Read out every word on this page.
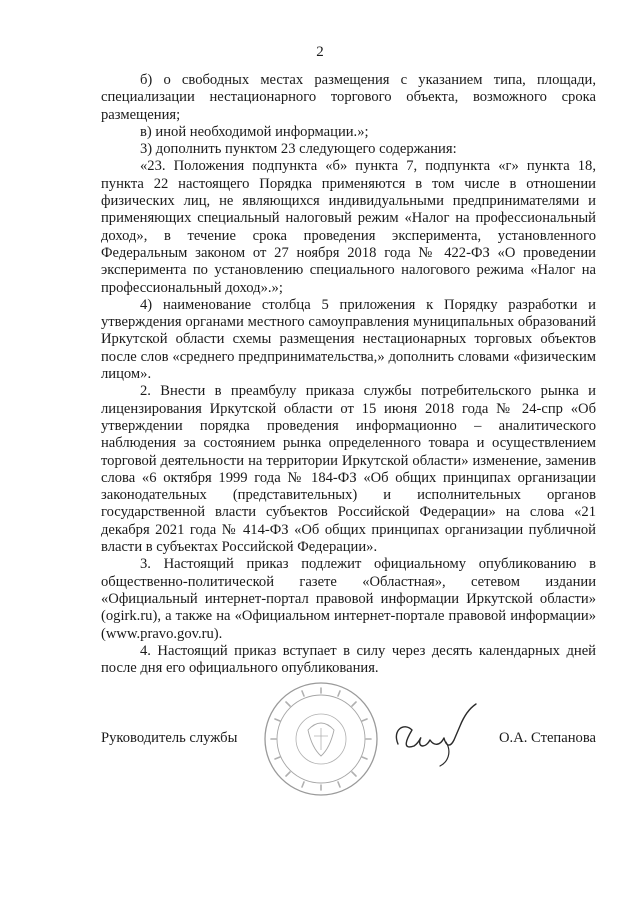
2

б) о свободных местах размещения с указанием типа, площади, специализации нестационарного торгового объекта, возможного срока размещения;

в) иной необходимой информации.»;

3) дополнить пунктом 23 следующего содержания:

«23. Положения подпункта «б» пункта 7, подпункта «г» пункта 18, пункта 22 настоящего Порядка применяются в том числе в отношении физических лиц, не являющихся индивидуальными предпринимателями и применяющих специальный налоговый режим «Налог на профессиональный доход», в течение срока проведения эксперимента, установленного Федеральным законом от 27 ноября 2018 года № 422-ФЗ «О проведении эксперимента по установлению специального налогового режима «Налог на профессиональный доход».»;

4) наименование столбца 5 приложения к Порядку разработки и утверждения органами местного самоуправления муниципальных образований Иркутской области схемы размещения нестационарных торговых объектов после слов «среднего предпринимательства,» дополнить словами «физическим лицом».

2. Внести в преамбулу приказа службы потребительского рынка и лицензирования Иркутской области от 15 июня 2018 года № 24-спр «Об утверждении порядка проведения информационно – аналитического наблюдения за состоянием рынка определенного товара и осуществлением торговой деятельности на территории Иркутской области» изменение, заменив слова «6 октября 1999 года № 184-ФЗ «Об общих принципах организации законодательных (представительных) и исполнительных органов государственной власти субъектов Российской Федерации» на слова «21 декабря 2021 года № 414-ФЗ «Об общих принципах организации публичной власти в субъектах Российской Федерации».

3. Настоящий приказ подлежит официальному опубликованию в общественно-политической газете «Областная», сетевом издании «Официальный интернет-портал правовой информации Иркутской области» (ogirk.ru), а также на «Официальном интернет-портале правовой информации» (www.pravo.gov.ru).

4. Настоящий приказ вступает в силу через десять календарных дней после дня его официального опубликования.

Руководитель службы	О.А. Степанова
